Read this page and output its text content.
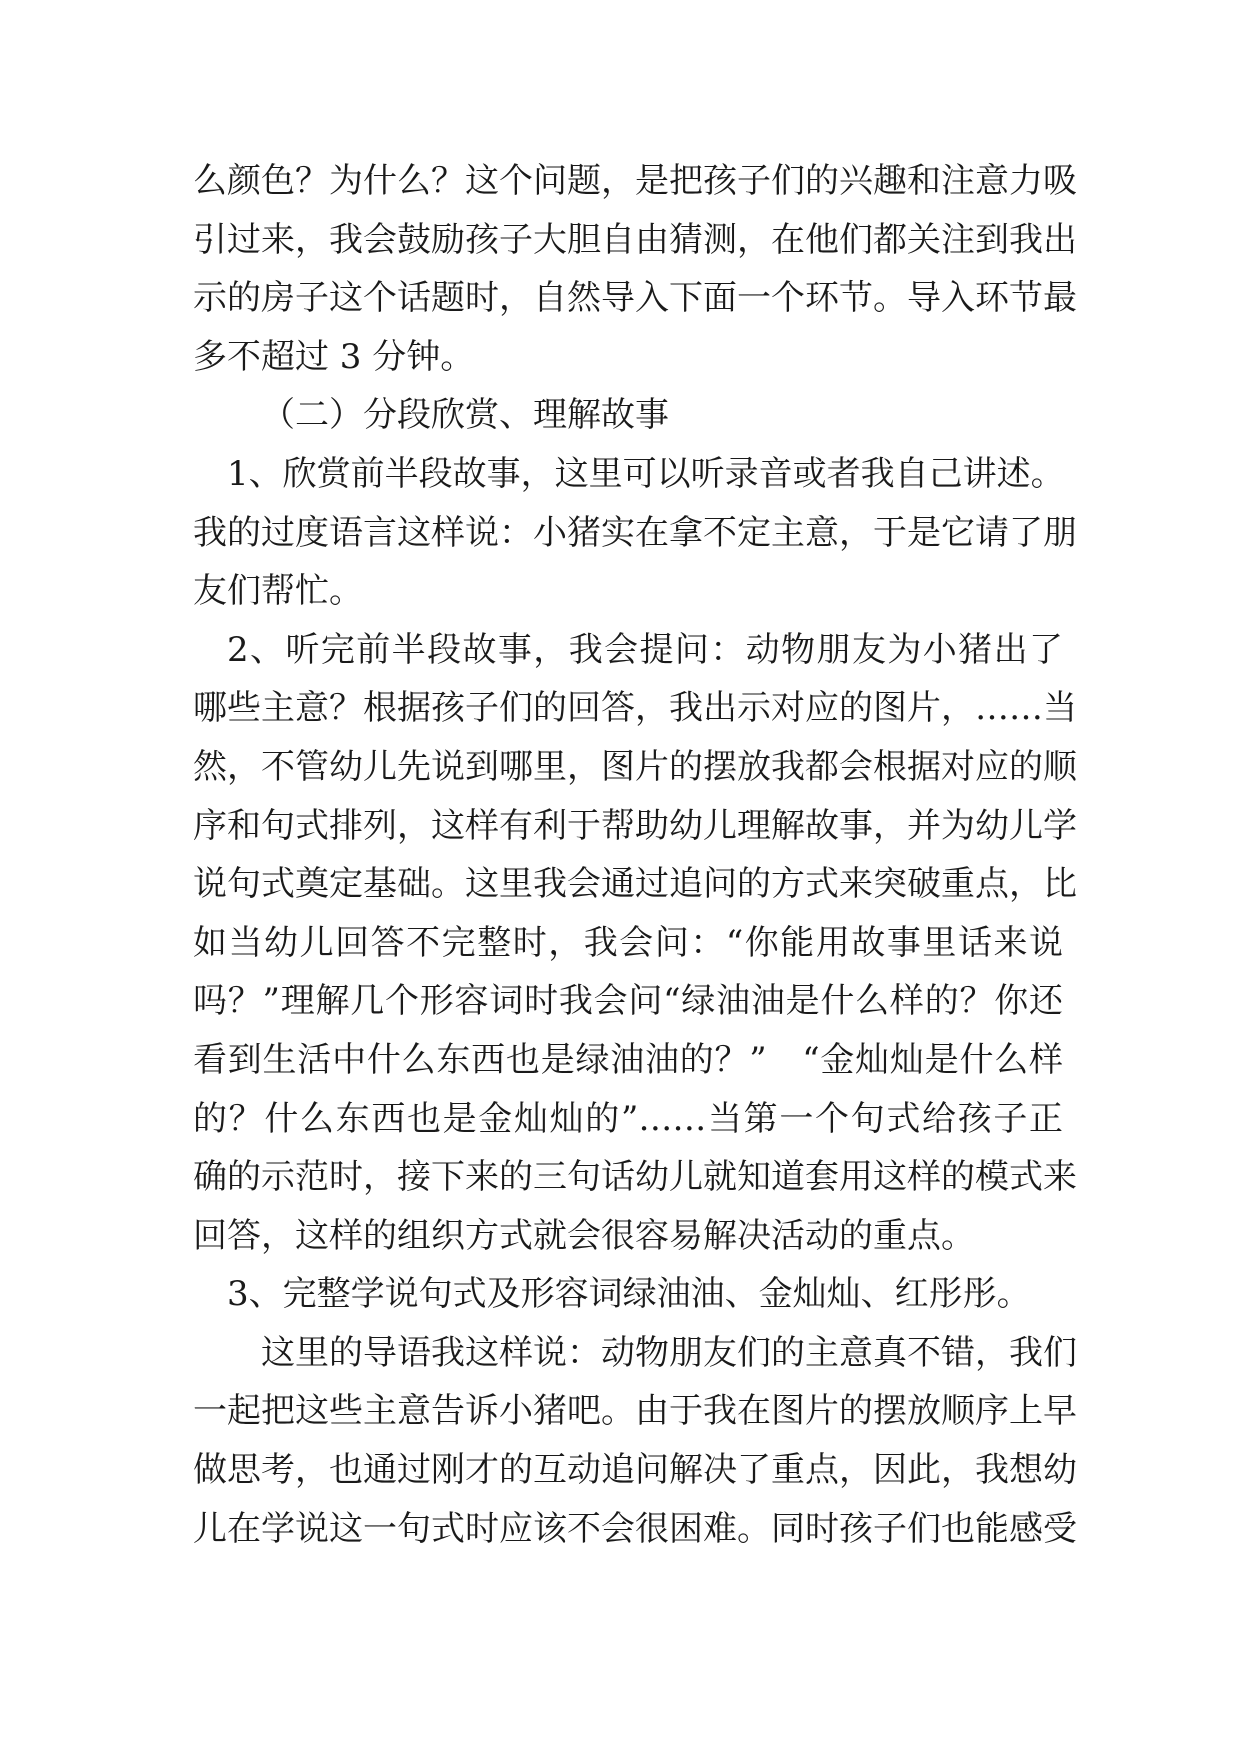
么颜色？为什么？这个问题，是把孩子们的兴趣和注意力吸
引过来，我会鼓励孩子大胆自由猜测，在他们都关注到我出
示的房子这个话题时，自然导入下面一个环节。导入环节最
多不超过 3 分钟。
（二）分段欣赏、理解故事
1、欣赏前半段故事，这里可以听录音或者我自己讲述。
我的过度语言这样说：小猪实在拿不定主意，于是它请了朋
友们帮忙。
2、听完前半段故事，我会提问：动物朋友为小猪出了
哪些主意？根据孩子们的回答，我出示对应的图片，……当
然，不管幼儿先说到哪里，图片的摆放我都会根据对应的顺
序和句式排列，这样有利于帮助幼儿理解故事，并为幼儿学
说句式奠定基础。这里我会通过追问的方式来突破重点，比
如当幼儿回答不完整时，我会问：“你能用故事里话来说
吗？”理解几个形容词时我会问“绿油油是什么样的？你还
看到生活中什么东西也是绿油油的？”　“金灿灿是什么样
的？什么东西也是金灿灿的”……当第一个句式给孩子正
确的示范时，接下来的三句话幼儿就知道套用这样的模式来
回答，这样的组织方式就会很容易解决活动的重点。
3、完整学说句式及形容词绿油油、金灿灿、红彤彤。
这里的导语我这样说：动物朋友们的主意真不错，我们
一起把这些主意告诉小猪吧。由于我在图片的摆放顺序上早
做思考，也通过刚才的互动追问解决了重点，因此，我想幼
儿在学说这一句式时应该不会很困难。同时孩子们也能感受
